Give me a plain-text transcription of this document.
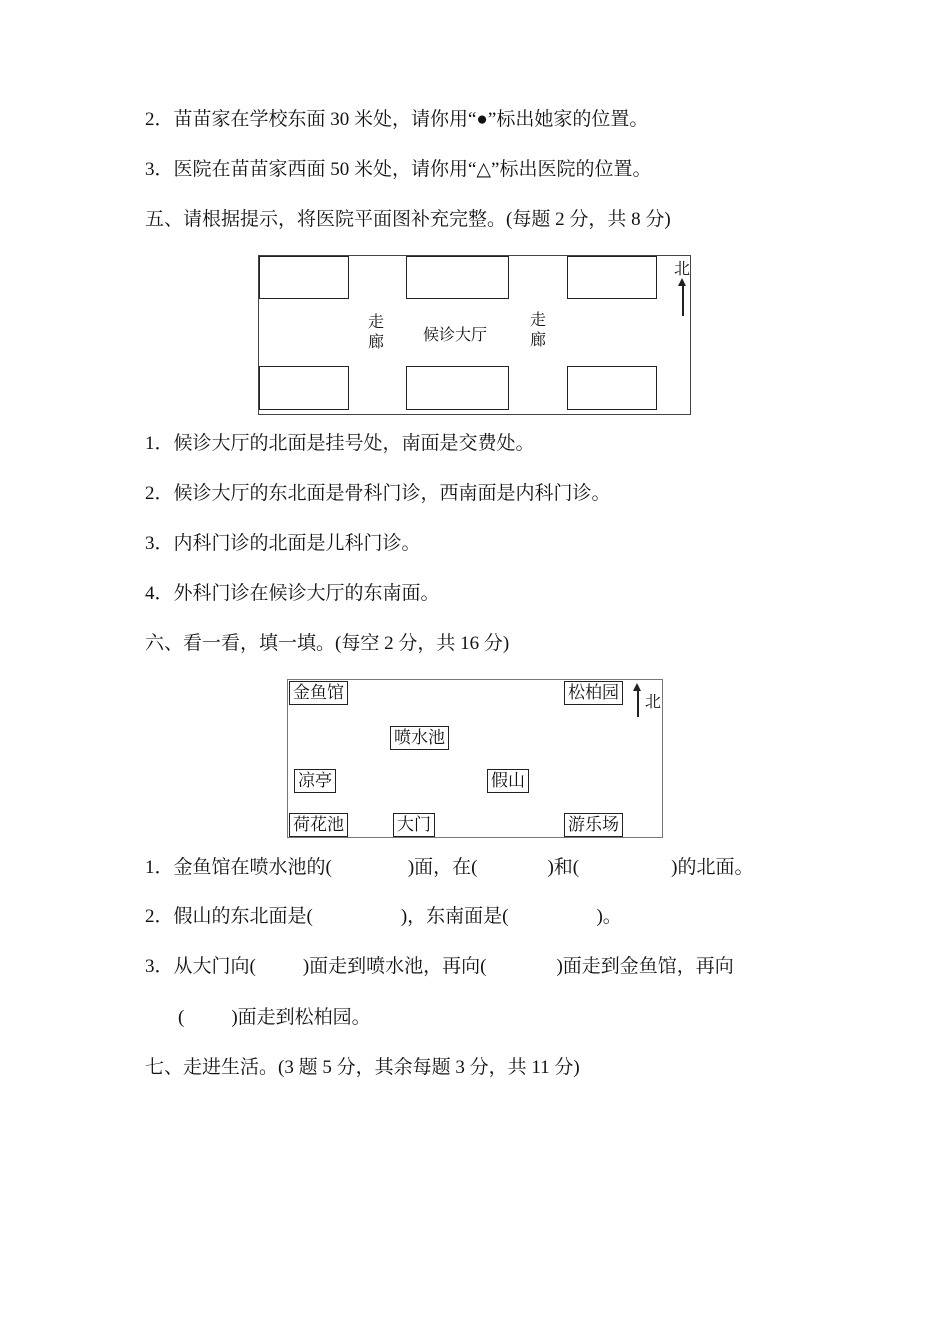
2．苗苗家在学校东面 30 米处，请你用“●”标出她家的位置。
3．医院在苗苗家西面 50 米处，请你用“△”标出医院的位置。
五、请根据提示，将医院平面图补充完整。(每题 2 分，共 8 分)
走
廊 候诊大厅
走
廊
北
1．候诊大厅的北面是挂号处，南面是交费处。
2．候诊大厅的东北面是骨科门诊，西南面是内科门诊。
3．内科门诊的北面是儿科门诊。
4．外科门诊在候诊大厅的东南面。
六、看一看，填一填。(每空 2 分，共 16 分)
金鱼馆	松柏园
喷水池
凉亭	假山
荷花池	大门	游乐场
北
1．金鱼馆在喷水池的(	)面，在(	)和(	)的北面。
2．假山的东北面是(	)，东南面是(	)。
3．从大门向( )面走到喷水池，再向(	)面走到金鱼馆，再向
( )面走到松柏园。
七、走进生活。(3 题 5 分，其余每题 3 分，共 11 分)
